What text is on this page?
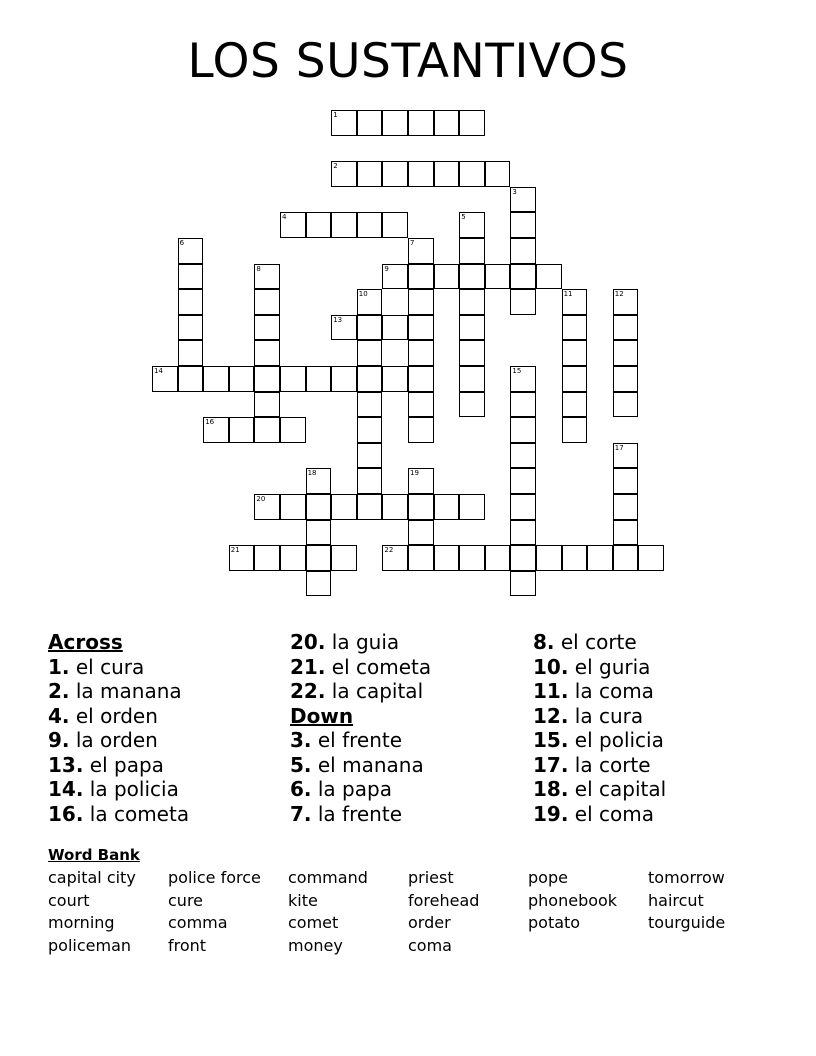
LOS SUSTANTIVOS
1
2
4
9
13
14
16
20
21	22
3
5
6	7
8
10	11	12
15
17
18	19
Across
1. el cura
2. la manana
4. el orden
9. la orden
13. el papa
14. la policia
16. la cometa
20. la guia
21. el cometa
22. la capital
Down
3. el frente
5. el manana
6. la papa
7. la frente
8. el corte
10. el guria
11. la coma
12. la cura
15. el policia
17. la corte
18. el capital
19. el coma
Word Bank
capital city	police force	command	priest	pope	tomorrow
court	cure	kite	forehead	phonebook	haircut
morning	comma	comet	order	potato	tourguide
policeman	front	money	coma
